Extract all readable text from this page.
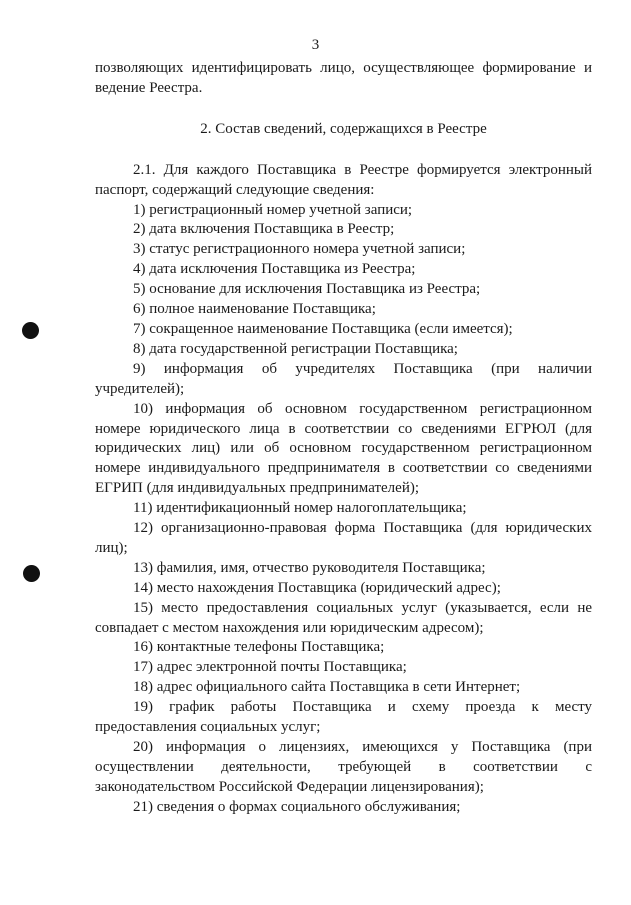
3

позволяющих идентифицировать лицо, осуществляющее формирование и ведение Реестра.

2. Состав сведений, содержащихся в Реестре

2.1. Для каждого Поставщика в Реестре формируется электронный паспорт, содержащий следующие сведения:

1) регистрационный номер учетной записи;

2) дата включения Поставщика в Реестр;

3) статус регистрационного номера учетной записи;

4) дата исключения Поставщика из Реестра;

5) основание для исключения Поставщика из Реестра;

6) полное наименование Поставщика;

7) сокращенное наименование Поставщика (если имеется);

8) дата государственной регистрации Поставщика;

9) информация об учредителях Поставщика (при наличии учредителей);

10) информация об основном государственном регистрационном номере юридического лица в соответствии со сведениями ЕГРЮЛ (для юридических лиц) или об основном государственном регистрационном номере индивидуального предпринимателя в соответствии со сведениями ЕГРИП (для индивидуальных предпринимателей);

11) идентификационный номер налогоплательщика;

12) организационно-правовая форма Поставщика (для юридических лиц);

13) фамилия, имя, отчество руководителя Поставщика;

14) место нахождения Поставщика (юридический адрес);

15) место предоставления социальных услуг (указывается, если не совпадает с местом нахождения или юридическим адресом);

16) контактные телефоны Поставщика;

17) адрес электронной почты Поставщика;

18) адрес официального сайта Поставщика в сети Интернет;

19) график работы Поставщика и схему проезда к месту предоставления социальных услуг;

20) информация о лицензиях, имеющихся у Поставщика (при осуществлении деятельности, требующей в соответствии с законодательством Российской Федерации лицензирования);

21) сведения о формах социального обслуживания;
